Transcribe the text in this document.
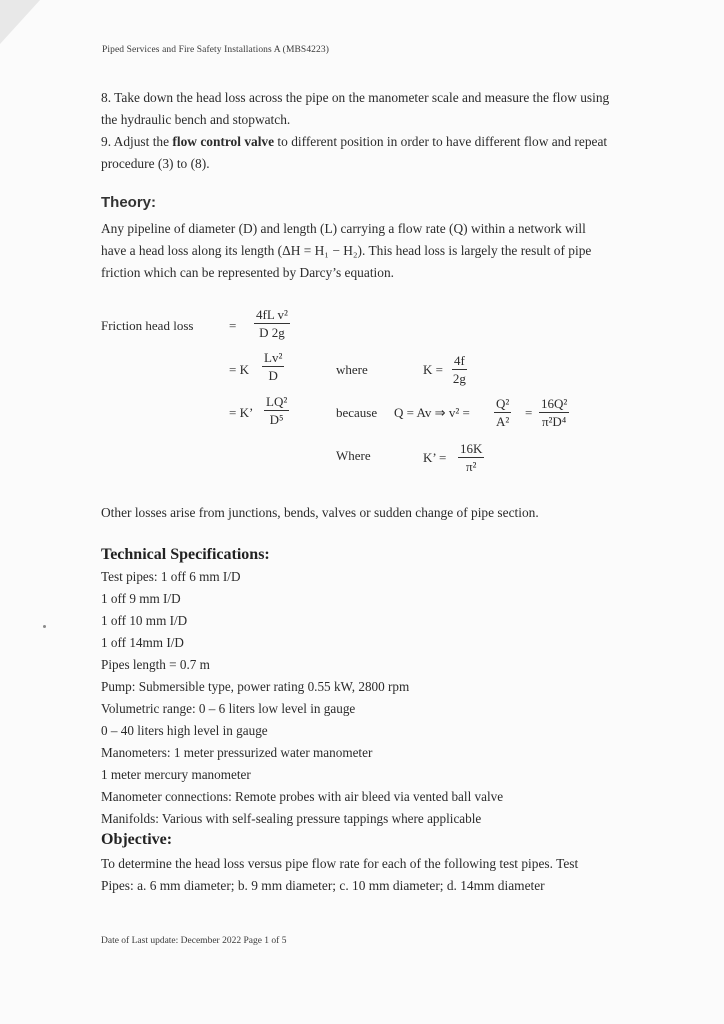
Piped Services and Fire Safety Installations A (MBS4223)

8. Take down the head loss across the pipe on the manometer scale and measure the flow using the hydraulic bench and stopwatch.

9. Adjust the flow control valve to different position in order to have different flow and repeat procedure (3) to (8).

Theory:

Any pipeline of diameter (D) and length (L) carrying a flow rate (Q) within a network will have a head loss along its length (ΔH = H₁ − H₂). This head loss is largely the result of pipe friction which can be represented by Darcy’s equation.

Friction head loss	= $\frac{\text{4fL v²}}{D 2g}$
= K $\frac{\text{Lv²}}{D}$	where	$K = \frac{4f}{2g}$
= K’ $\frac{\text{LQ²}}{\text{D⁵}}$	because Q = Av ⇒ $v^2 = \frac{\text{Q²}}{\text{A²}} = \frac{\text{16Q²}}{\text{π²D⁴}}$
Where	K’ = $\frac{16K}{\text{π²}}$

Other losses arise from junctions, bends, valves or sudden change of pipe section.

Technical Specifications:
Test pipes: 1 off 6 mm I/D
1 off 9 mm I/D
1 off 10 mm I/D
1 off 14mm I/D
Pipes length = 0.7 m
Pump: Submersible type, power rating 0.55 kW, 2800 rpm
Volumetric range: 0 – 6 liters low level in gauge
0 – 40 liters high level in gauge
Manometers: 1 meter pressurized water manometer
1 meter mercury manometer
Manometer connections: Remote probes with air bleed via vented ball valve
Manifolds: Various with self-sealing pressure tappings where applicable
Objective:

To determine the head loss versus pipe flow rate for each of the following test pipes. Test Pipes: a. 6 mm diameter; b. 9 mm diameter; c. 10 mm diameter; d. 14mm diameter

Date of Last update: December 2022 Page 1 of 5
